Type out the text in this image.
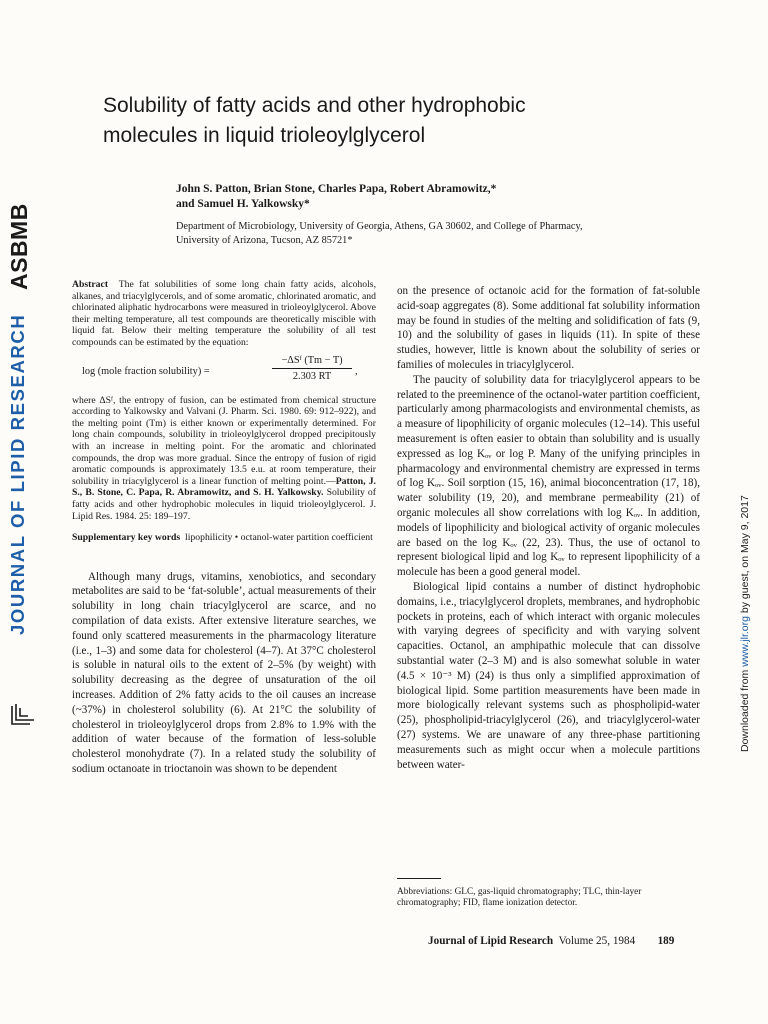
Solubility of fatty acids and other hydrophobic
molecules in liquid trioleoylglycerol
John S. Patton, Brian Stone, Charles Papa, Robert Abramowitz,*
and Samuel H. Yalkowsky*
Department of Microbiology, University of Georgia, Athens, GA 30602, and College of Pharmacy,
University of Arizona, Tucson, AZ 85721*
ASBMB
JOURNAL OF LIPID RESEARCH
Downloaded from www.jlr.org by guest, on May 9, 2017
Abstract The fat solubilities of some long chain fatty acids, alcohols, alkanes, and triacylglycerols, and of some aromatic, chlorinated aromatic, and chlorinated aliphatic hydrocarbons were measured in trioleoylglycerol. Above their melting temperature, all test compounds are theoretically miscible with liquid fat. Below their melting temperature the solubility of all test compounds can be estimated by the equation:
log (mole fraction solubility) =
−ΔSᶠ (Tm − T)
2.303 RT
,
where ΔSᶠ, the entropy of fusion, can be estimated from chemical structure according to Yalkowsky and Valvani (J. Pharm. Sci. 1980. 69: 912–922), and the melting point (Tm) is either known or experimentally determined. For long chain compounds, solubility in trioleoylglycerol dropped precipitously with an increase in melting point. For the aromatic and chlorinated compounds, the drop was more gradual. Since the entropy of fusion of rigid aromatic compounds is approximately 13.5 e.u. at room temperature, their solubility in triacylglycerol is a linear function of melting point.—Patton, J. S., B. Stone, C. Papa, R. Abramowitz, and S. H. Yalkowsky. Solubility of fatty acids and other hydrophobic molecules in liquid trioleoylglycerol. J. Lipid Res. 1984. 25: 189–197.
Supplementary key words lipophilicity • octanol-water partition coefficient

Although many drugs, vitamins, xenobiotics, and secondary metabolites are said to be ‘fat-soluble’, actual measurements of their solubility in long chain triacylglycerol are scarce, and no compilation of data exists. After extensive literature searches, we found only scattered measurements in the pharmacology literature (i.e., 1–3) and some data for cholesterol (4–7). At 37°C cholesterol is soluble in natural oils to the extent of 2–5% (by weight) with solubility decreasing as the degree of unsaturation of the oil increases. Addition of 2% fatty acids to the oil causes an increase (~37%) in cholesterol solubility (6). At 21°C the solubility of cholesterol in trioleoylglycerol drops from 2.8% to 1.9% with the addition of water because of the formation of less-soluble cholesterol monohydrate (7). In a related study the solubility of sodium octanoate in trioctanoin was shown to be dependent

on the presence of octanoic acid for the formation of fat-soluble acid-soap aggregates (8). Some additional fat solubility information may be found in studies of the melting and solidification of fats (9, 10) and the solubility of gases in liquids (11). In spite of these studies, however, little is known about the solubility of series or families of molecules in triacylglycerol.

The paucity of solubility data for triacylglycerol appears to be related to the preeminence of the octanol-water partition coefficient, particularly among pharmacologists and environmental chemists, as a measure of lipophilicity of organic molecules (12–14). This useful measurement is often easier to obtain than solubility and is usually expressed as log Kₒᵥ or log P. Many of the unifying principles in pharmacology and environmental chemistry are expressed in terms of log Kₒᵥ. Soil sorption (15, 16), animal bioconcentration (17, 18), water solubility (19, 20), and membrane permeability (21) of organic molecules all show correlations with log Kₒᵥ. In addition, models of lipophilicity and biological activity of organic molecules are based on the log Kₒᵥ (22, 23). Thus, the use of octanol to represent biological lipid and log Kₒᵥ to represent lipophilicity of a molecule has been a good general model.

Biological lipid contains a number of distinct hydrophobic domains, i.e., triacylglycerol droplets, membranes, and hydrophobic pockets in proteins, each of which interact with organic molecules with varying degrees of specificity and with varying solvent capacities. Octanol, an amphipathic molecule that can dissolve substantial water (2–3 M) and is also somewhat soluble in water (4.5 × 10⁻³ M) (24) is thus only a simplified approximation of biological lipid. Some partition measurements have been made in more biologically relevant systems such as phospholipid-water (25), phospholipid-triacylglycerol (26), and triacylglycerol-water (27) systems. We are unaware of any three-phase partitioning measurements such as might occur when a molecule partitions between water-

Abbreviations: GLC, gas-liquid chromatography; TLC, thin-layer chromatography; FID, flame ionization detector.
Journal of Lipid Research Volume 25, 1984 189
